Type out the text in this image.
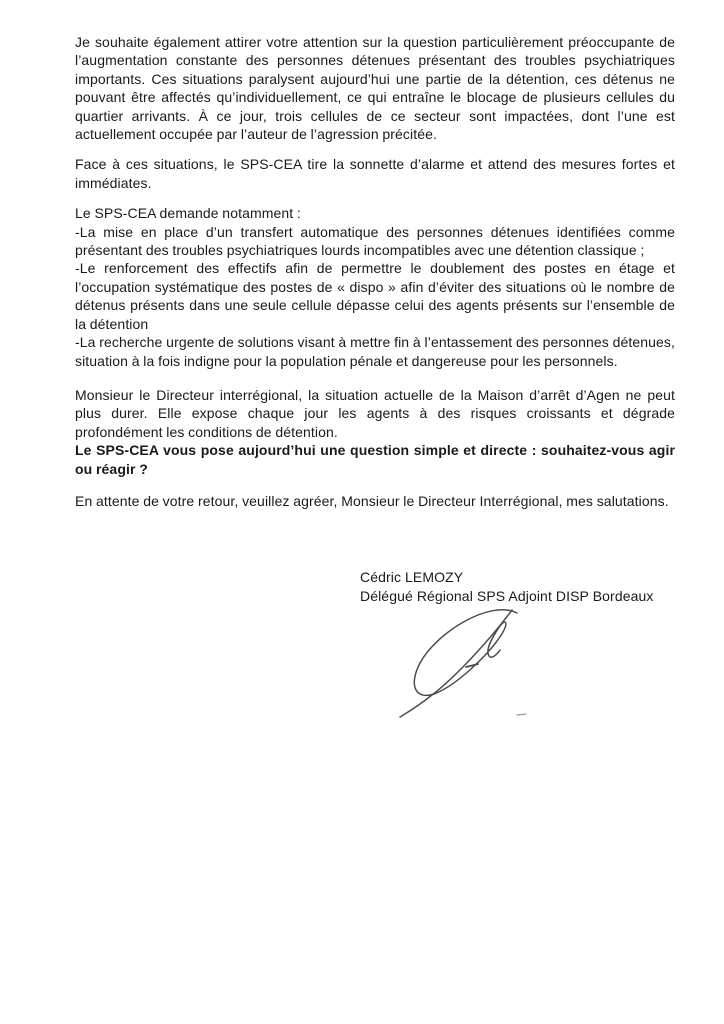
Je souhaite également attirer votre attention sur la question particulièrement préoccupante de l’augmentation constante des personnes détenues présentant des troubles psychiatriques importants. Ces situations paralysent aujourd’hui une partie de la détention, ces détenus ne pouvant être affectés qu’individuellement, ce qui entraîne le blocage de plusieurs cellules du quartier arrivants. À ce jour, trois cellules de ce secteur sont impactées, dont l’une est actuellement occupée par l’auteur de l’agression précitée.

Face à ces situations, le SPS-CEA tire la sonnette d’alarme et attend des mesures fortes et immédiates.

Le SPS-CEA demande notamment :

-La mise en place d’un transfert automatique des personnes détenues identifiées comme présentant des troubles psychiatriques lourds incompatibles avec une détention classique ;

-Le renforcement des effectifs afin de permettre le doublement des postes en étage et l’occupation systématique des postes de « dispo » afin d’éviter des situations où le nombre de détenus présents dans une seule cellule dépasse celui des agents présents sur l’ensemble de la détention

-La recherche urgente de solutions visant à mettre fin à l’entassement des personnes détenues, situation à la fois indigne pour la population pénale et dangereuse pour les personnels.

Monsieur le Directeur interrégional, la situation actuelle de la Maison d’arrêt d’Agen ne peut plus durer. Elle expose chaque jour les agents à des risques croissants et dégrade profondément les conditions de détention.

Le SPS-CEA vous pose aujourd’hui une question simple et directe : souhaitez-vous agir ou réagir ?

En attente de votre retour, veuillez agréer, Monsieur le Directeur Interrégional, mes salutations.

Cédric LEMOZY

Délégué Régional SPS Adjoint DISP Bordeaux
